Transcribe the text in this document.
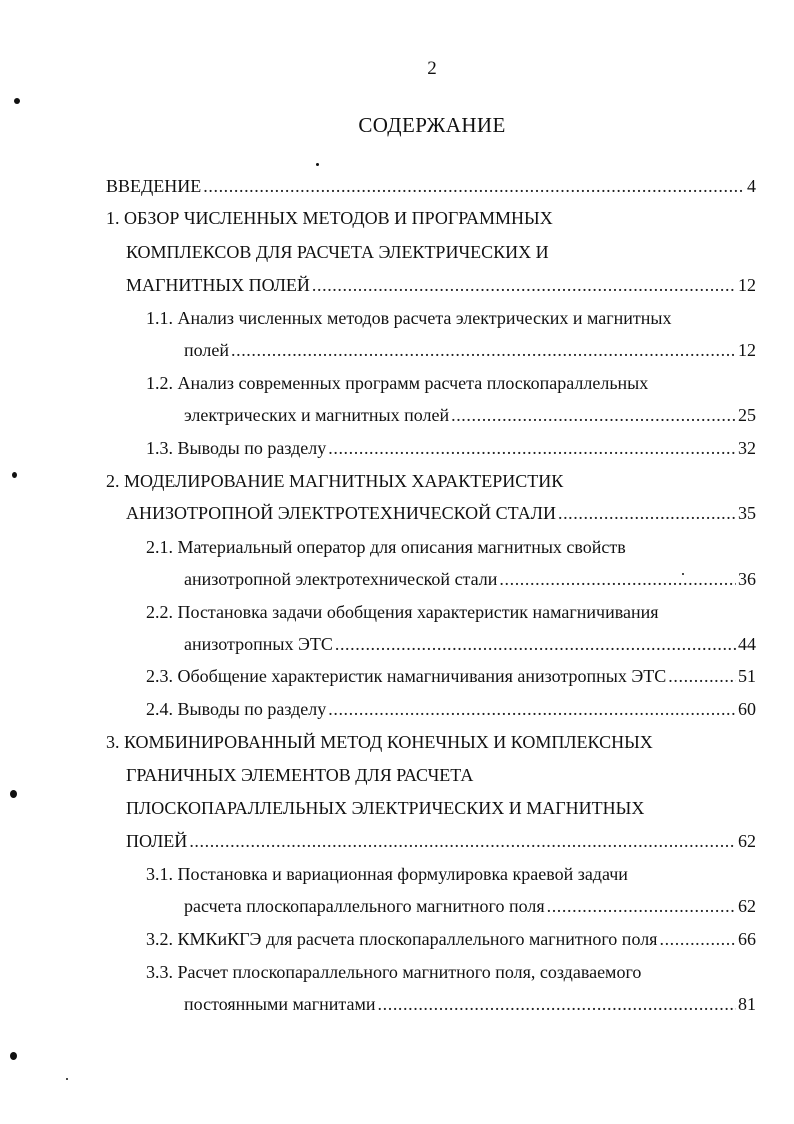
2
СОДЕРЖАНИЕ
ВВЕДЕНИЕ .....	4
1. ОБЗОР ЧИСЛЕННЫХ МЕТОДОВ И ПРОГРАММНЫХ
КОМПЛЕКСОВ ДЛЯ РАСЧЕТА ЭЛЕКТРИЧЕСКИХ И
МАГНИТНЫХ ПОЛЕЙ .....	12
1.1. Анализ численных методов расчета электрических и магнитных
полей .....	12
1.2. Анализ современных программ расчета плоскопараллельных
электрических и магнитных полей .....	25
1.3. Выводы по разделу .....	32
2. МОДЕЛИРОВАНИЕ МАГНИТНЫХ ХАРАКТЕРИСТИК
АНИЗОТРОПНОЙ ЭЛЕКТРОТЕХНИЧЕСКОЙ СТАЛИ .....	35
2.1. Материальный оператор для описания магнитных свойств
анизотропной электротехнической стали .....	36
2.2. Постановка задачи обобщения характеристик намагничивания
анизотропных ЭТС .....	44
2.3. Обобщение характеристик намагничивания анизотропных ЭТС .....	51
2.4. Выводы по разделу .....	60
3. КОМБИНИРОВАННЫЙ МЕТОД КОНЕЧНЫХ И КОМПЛЕКСНЫХ
ГРАНИЧНЫХ ЭЛЕМЕНТОВ ДЛЯ РАСЧЕТА
ПЛОСКОПАРАЛЛЕЛЬНЫХ ЭЛЕКТРИЧЕСКИХ И МАГНИТНЫХ
ПОЛЕЙ .....	62
3.1. Постановка и вариационная формулировка краевой задачи
расчета плоскопараллельного магнитного поля .....	62
3.2. КМКиКГЭ для расчета плоскопараллельного магнитного поля .....	66
3.3. Расчет плоскопараллельного магнитного поля, создаваемого
постоянными магнитами .....	81
